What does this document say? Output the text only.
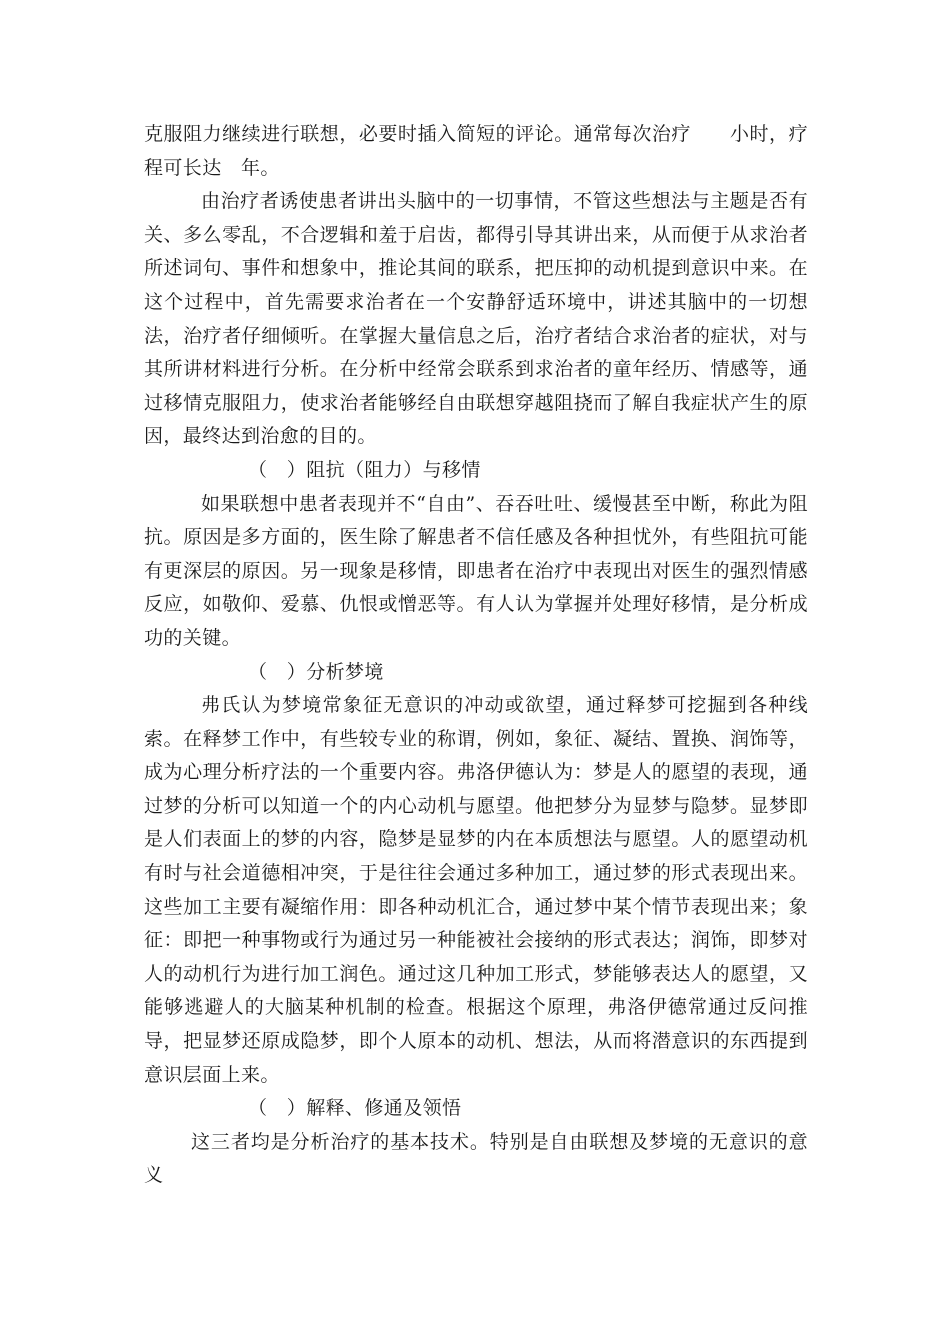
克服阻力继续进行联想，必要时插入简短的评论。通常每次治疗　　小时，疗程可长达　年。

由治疗者诱使患者讲出头脑中的一切事情，不管这些想法与主题是否有关、多么零乱，不合逻辑和羞于启齿，都得引导其讲出来，从而便于从求治者所述词句、事件和想象中，推论其间的联系，把压抑的动机提到意识中来。在这个过程中，首先需要求治者在一个安静舒适环境中，讲述其脑中的一切想法，治疗者仔细倾听。在掌握大量信息之后，治疗者结合求治者的症状，对与其所讲材料进行分析。在分析中经常会联系到求治者的童年经历、情感等，通过移情克服阻力，使求治者能够经自由联想穿越阻挠而了解自我症状产生的原因，最终达到治愈的目的。

（　）阻抗（阻力）与移情

如果联想中患者表现并不“自由”、吞吞吐吐、缓慢甚至中断，称此为阻抗。原因是多方面的，医生除了解患者不信任感及各种担忧外，有些阻抗可能有更深层的原因。另一现象是移情，即患者在治疗中表现出对医生的强烈情感反应，如敬仰、爱慕、仇恨或憎恶等。有人认为掌握并处理好移情，是分析成功的关键。

（　）分析梦境

弗氏认为梦境常象征无意识的冲动或欲望，通过释梦可挖掘到各种线索。在释梦工作中，有些较专业的称谓，例如，象征、凝结、置换、润饰等，成为心理分析疗法的一个重要内容。弗洛伊德认为：梦是人的愿望的表现，通过梦的分析可以知道一个的内心动机与愿望。他把梦分为显梦与隐梦。显梦即是人们表面上的梦的内容，隐梦是显梦的内在本质想法与愿望。人的愿望动机有时与社会道德相冲突，于是往往会通过多种加工，通过梦的形式表现出来。这些加工主要有凝缩作用：即各种动机汇合，通过梦中某个情节表现出来；象征：即把一种事物或行为通过另一种能被社会接纳的形式表达；润饰，即梦对人的动机行为进行加工润色。通过这几种加工形式，梦能够表达人的愿望，又能够逃避人的大脑某种机制的检查。根据这个原理，弗洛伊德常通过反问推导，把显梦还原成隐梦，即个人原本的动机、想法，从而将潜意识的东西提到意识层面上来。

（　）解释、修通及领悟

这三者均是分析治疗的基本技术。特别是自由联想及梦境的无意识的意义
